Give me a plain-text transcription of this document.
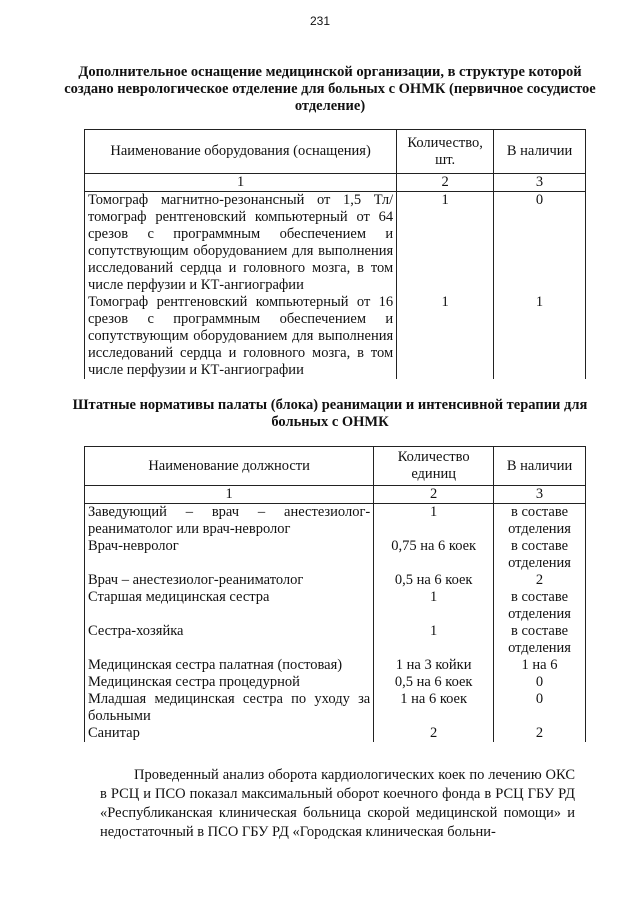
231
Дополнительное оснащение медицинской организации, в структуре которой создано неврологическое отделение для больных с ОНМК (первичное сосудистое отделение)
Наименование оборудования (оснащения)	Количество, шт.	В наличии
1	2	3
Томограф магнитно-резонансный от 1,5 Тл/томограф рентгеновский компьютерный от 64 срезов с программным обеспечением и сопутствующим оборудованием для выполнения исследований сердца и головного мозга, в том числе перфузии и КТ-ангиографии	1	0
Томограф рентгеновский компьютерный от 16 срезов с программным обеспечением и сопутствующим оборудованием для выполнения исследований сердца и головного мозга, в том числе перфузии и КТ-ангиографии	1	1
Штатные нормативы палаты (блока) реанимации и интенсивной терапии для больных с ОНМК
Наименование должности	Количество единиц	В наличии
1	2	3
Заведующий – врач – анестезиолог-реаниматолог или врач-невролог	1	в составе отделения
Врач-невролог	0,75 на 6 коек	в составе отделения
Врач – анестезиолог-реаниматолог	0,5 на 6 коек	2
Старшая медицинская сестра	1	в составе отделения
Сестра-хозяйка	1	в составе отделения
Медицинская сестра палатная (постовая)	1 на 3 койки	1 на 6
Медицинская сестра процедурной	0,5 на 6 коек	0
Младшая медицинская сестра по уходу за больными	1 на 6 коек	0
Санитар	2	2

Проведенный анализ оборота кардиологических коек по лечению ОКС в РСЦ и ПСО показал максимальный оборот коечного фонда в РСЦ ГБУ РД «Республиканская клиническая больница скорой медицинской помощи» и недостаточный в ПСО ГБУ РД «Городская клиническая больни-
